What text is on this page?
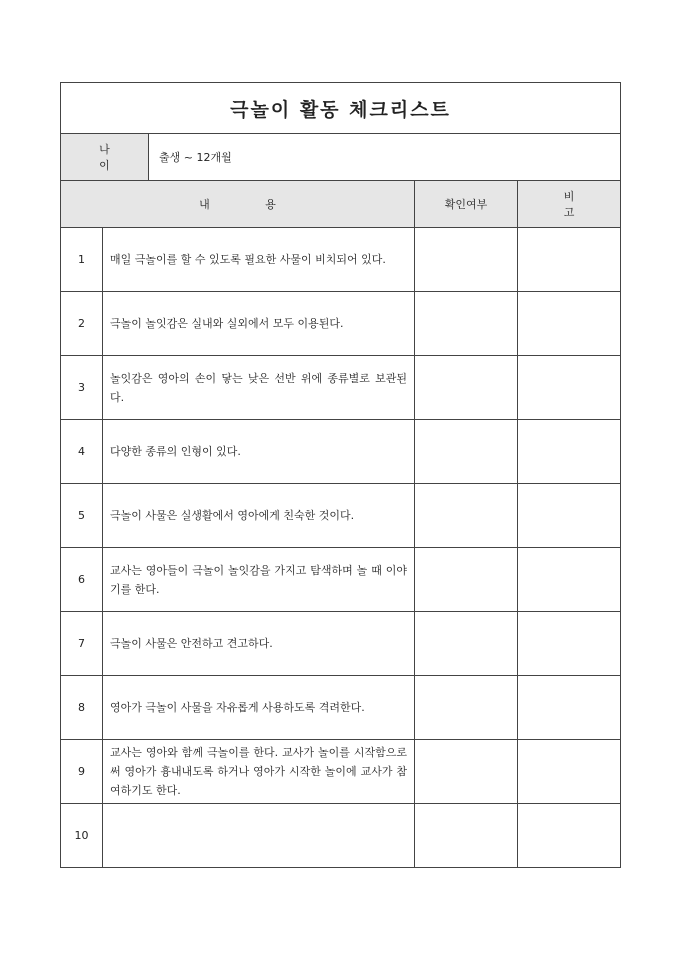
극놀이 활동 체크리스트				
나 이		출생 ~ 12개월		
내 용			확인여부	비 고
1	매일 극놀이를 할 수 있도록 필요한 사물이 비치되어 있다.			
2	극놀이 놀잇감은 실내와 실외에서 모두 이용된다.			
3	놀잇감은 영아의 손이 닿는 낮은 선반 위에 종류별로 보관된다.			
4	다양한 종류의 인형이 있다.			
5	극놀이 사물은 실생활에서 영아에게 친숙한 것이다.			
6	교사는 영아들이 극놀이 놀잇감을 가지고 탐색하며 놀 때 이야기를 한다.			
7	극놀이 사물은 안전하고 견고하다.			
8	영아가 극놀이 사물을 자유롭게 사용하도록 격려한다.			
9	교사는 영아와 함께 극놀이를 한다. 교사가 놀이를 시작함으로써 영아가 흉내내도록 하거나 영아가 시작한 놀이에 교사가 참여하기도 한다.			
10				
